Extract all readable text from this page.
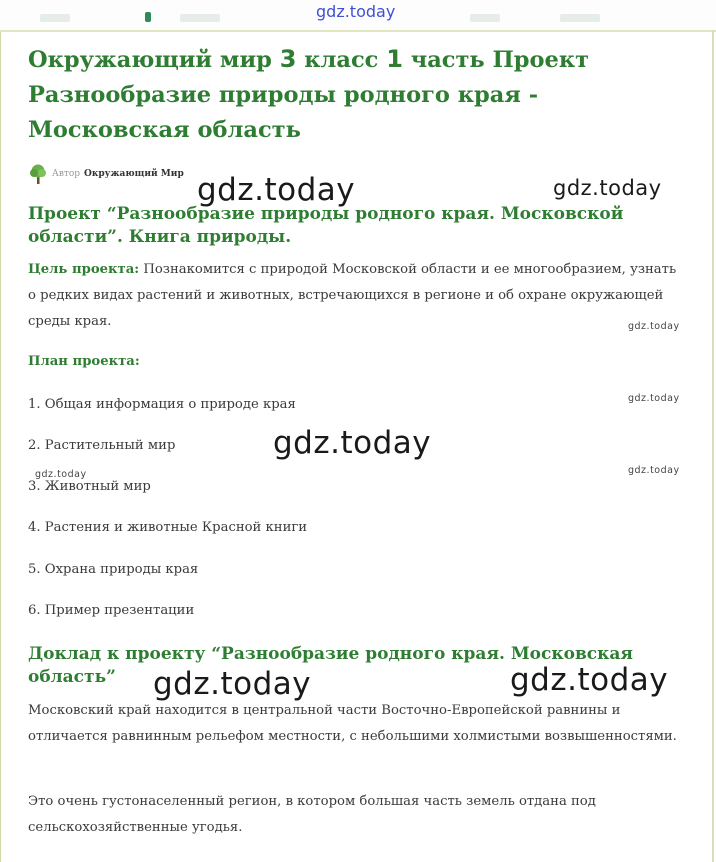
gdz.today
Окружающий мир 3 класс 1 часть Проект Разнообразие природы родного края - Московская область
Автор Окружающий Мир
Проект “Разнообразие природы родного края. Московской области”. Книга природы.

Цель проекта: Познакомится с природой Московской области и ее многообразием, узнать о редких видах растений и животных, встречающихся в регионе и об охране окружающей среды края.

План проекта:

1. Общая информация о природе края

2. Растительный мир

3. Животный мир

4. Растения и животные Красной книги

5. Охрана природы края

6. Пример презентации

Доклад к проекту “Разнообразие родного края. Московская область”

Московский край находится в центральной части Восточно-Европейской равнины и отличается равнинным рельефом местности, с небольшими холмистыми возвышенностями.

Это очень густонаселенный регион, в котором большая часть земель отдана под сельскохозяйственные угодья.

gdz.today	gdz.today
gdz.today
gdz.today
gdz.today
gdz.today	gdz.today
gdz.today	gdz.today
